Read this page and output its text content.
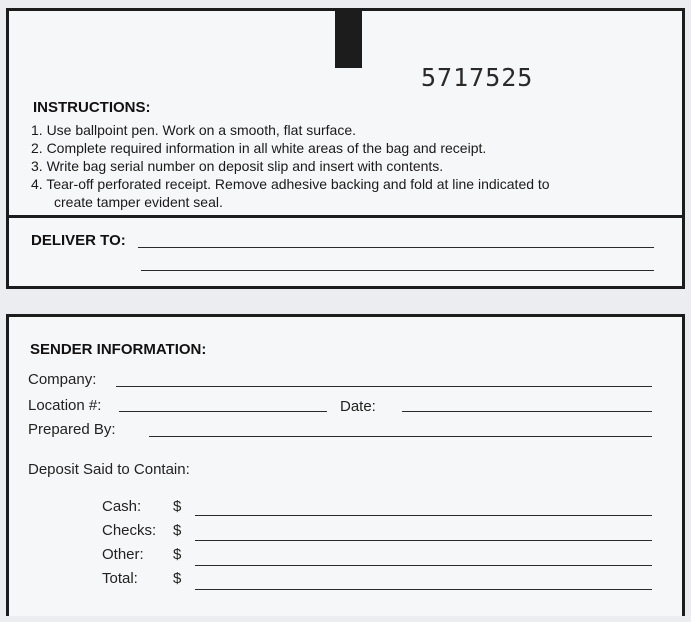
5717525
INSTRUCTIONS:
1. Use ballpoint pen. Work on a smooth, flat surface.
2. Complete required information in all white areas of the bag and receipt.
3. Write bag serial number on deposit slip and insert with contents.
4. Tear-off perforated receipt. Remove adhesive backing and fold at line indicated to
create tamper evident seal.
DELIVER TO:
SENDER INFORMATION:
Company:
Location #:	Date:
Prepared By:
Deposit Said to Contain:
Cash: $
Checks: $
Other: $
Total: $
